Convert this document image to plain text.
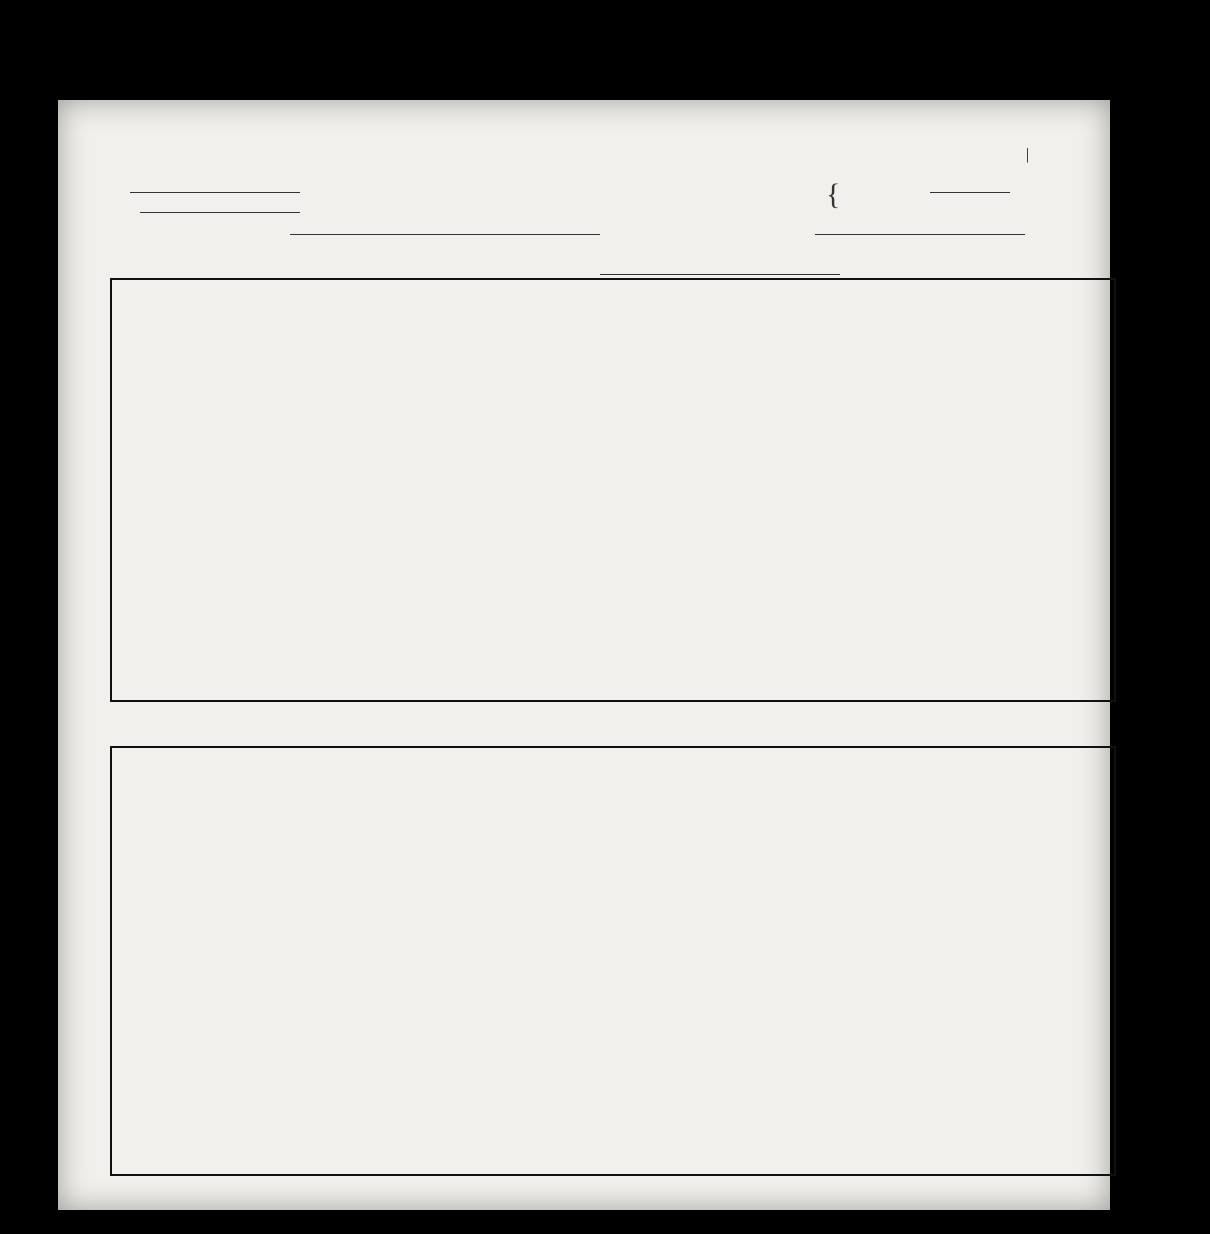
|
{
